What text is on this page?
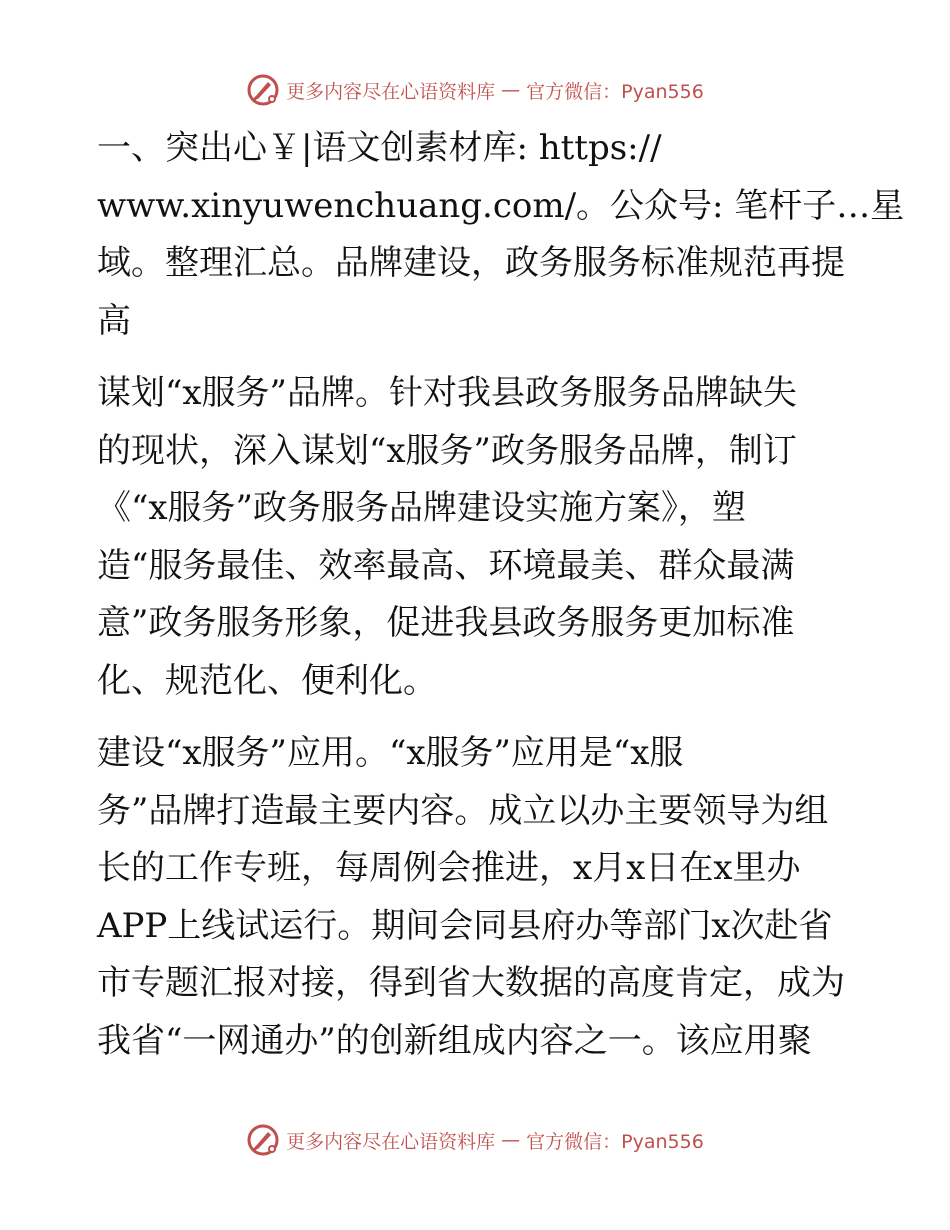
更多内容尽在心语资料库 — 官方微信：Pyan556
一、突出心￥|语文创素材库: https://
www.xinyuwenchuang.com/。公众号: 笔杆子…星
域。整理汇总。品牌建设，政务服务标准规范再提
高
谋划“x服务”品牌。针对我县政务服务品牌缺失
的现状，深入谋划“x服务”政务服务品牌，制订
《“x服务”政务服务品牌建设实施方案》，塑
造“服务最佳、效率最高、环境最美、群众最满
意”政务服务形象，促进我县政务服务更加标准
化、规范化、便利化。
建设“x服务”应用。“x服务”应用是“x服
务”品牌打造最主要内容。成立以办主要领导为组
长的工作专班，每周例会推进，x月x日在x里办
APP上线试运行。期间会同县府办等部门x次赴省
市专题汇报对接，得到省大数据的高度肯定，成为
我省“一网通办”的创新组成内容之一。该应用聚
更多内容尽在心语资料库 — 官方微信：Pyan556
